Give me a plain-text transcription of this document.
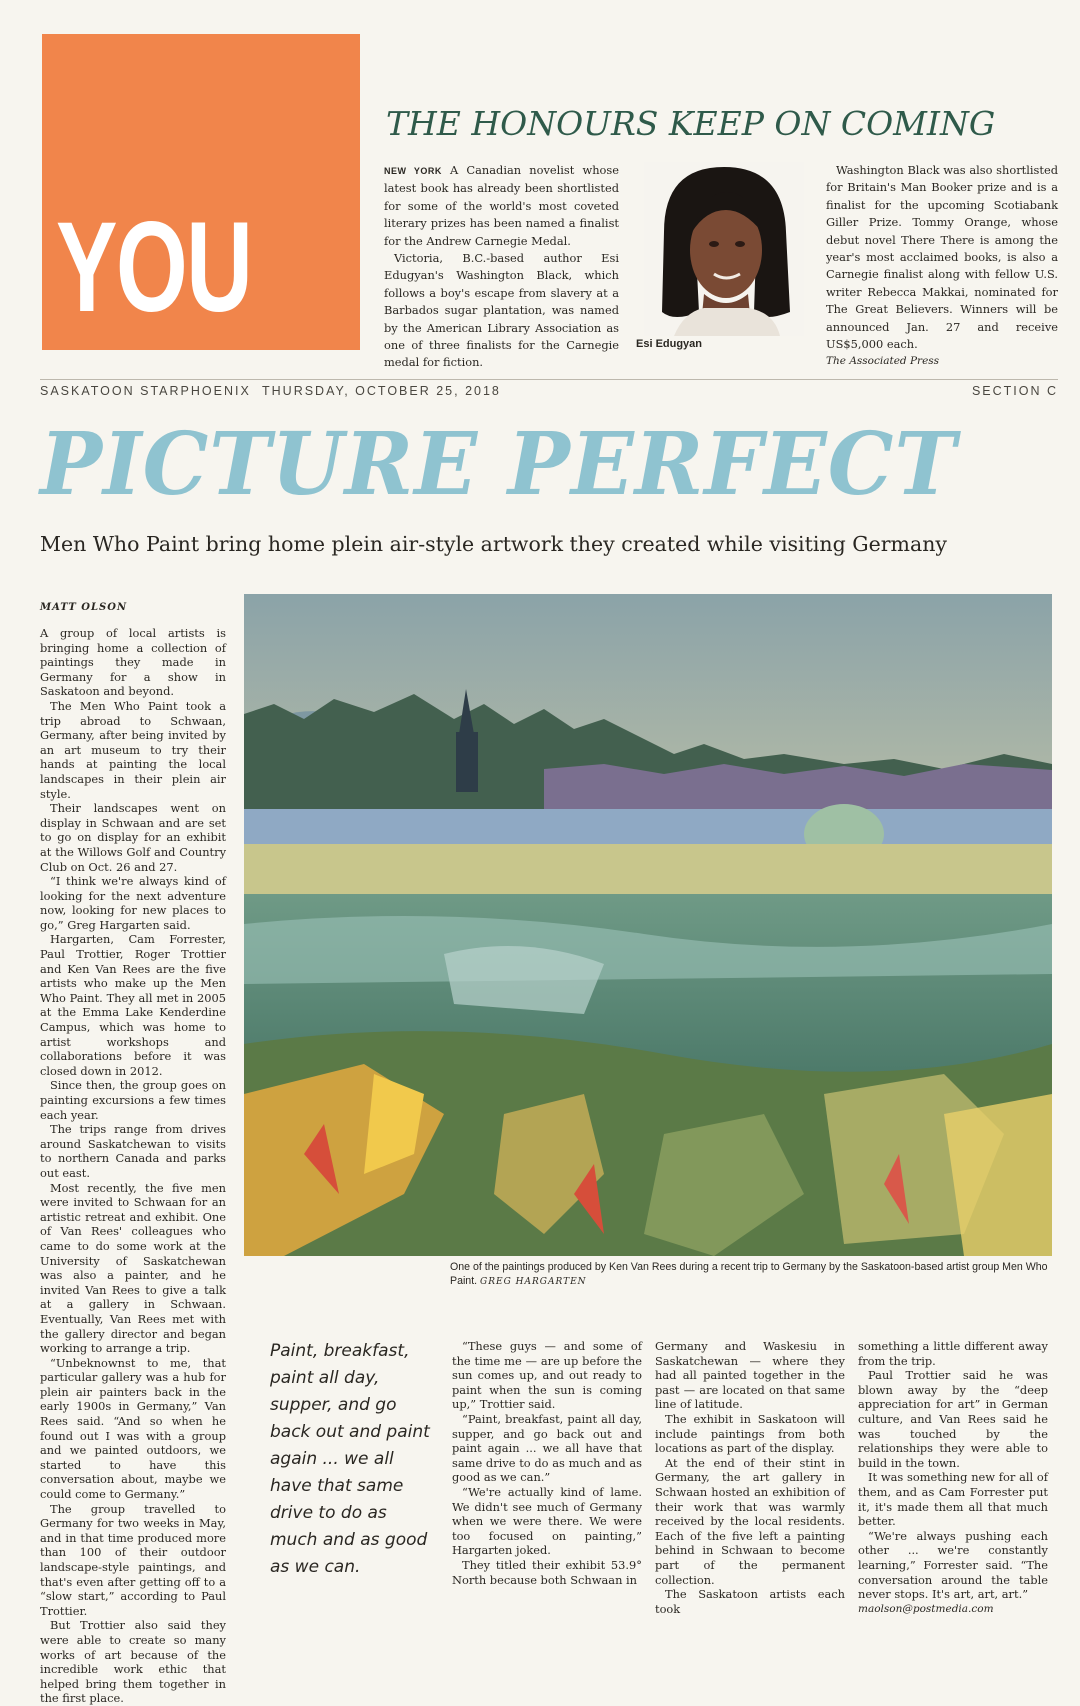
YOU
THE HONOURS KEEP ON COMING
NEW YORK A Canadian novelist whose latest book has already been shortlisted for some of the world's most coveted literary prizes has been named a finalist for the Andrew Carnegie Medal.
Victoria, B.C.-based author Esi Edugyan's Washington Black, which follows a boy's escape from slavery at a Barbados sugar plantation, was named by the American Library Association as one of three finalists for the Carnegie medal for fiction.
Esi Edugyan
Washington Black was also shortlisted for Britain's Man Booker prize and is a finalist for the upcoming Scotiabank Giller Prize. Tommy Orange, whose debut novel There There is among the year's most acclaimed books, is also a Carnegie finalist along with fellow U.S. writer Rebecca Makkai, nominated for The Great Believers. Winners will be announced Jan. 27 and receive US$5,000 each.
The Associated Press
SASKATOON STARPHOENIX THURSDAY, OCTOBER 25, 2018	SECTION C
PICTURE PERFECT
Men Who Paint bring home plein air-style artwork they created while visiting Germany
MATT OLSON

A group of local artists is bringing home a collection of paintings they made in Germany for a show in Saskatoon and beyond.

The Men Who Paint took a trip abroad to Schwaan, Germany, after being invited by an art museum to try their hands at painting the local landscapes in their plein air style.

Their landscapes went on display in Schwaan and are set to go on display for an exhibit at the Willows Golf and Country Club on Oct. 26 and 27.

“I think we're always kind of looking for the next adventure now, looking for new places to go,” Greg Hargarten said.

Hargarten, Cam Forrester, Paul Trottier, Roger Trottier and Ken Van Rees are the five artists who make up the Men Who Paint. They all met in 2005 at the Emma Lake Kenderdine Campus, which was home to artist workshops and collaborations before it was closed down in 2012.

Since then, the group goes on painting excursions a few times each year.

The trips range from drives around Saskatchewan to visits to northern Canada and parks out east.

Most recently, the five men were invited to Schwaan for an artistic retreat and exhibit. One of Van Rees' colleagues who came to do some work at the University of Saskatchewan was also a painter, and he invited Van Rees to give a talk at a gallery in Schwaan. Eventually, Van Rees met with the gallery director and began working to arrange a trip.

“Unbeknownst to me, that particular gallery was a hub for plein air painters back in the early 1900s in Germany,” Van Rees said. “And so when he found out I was with a group and we painted outdoors, we started to have this conversation about, maybe we could come to Germany.”

The group travelled to Germany for two weeks in May, and in that time produced more than 100 of their outdoor landscape-style paintings, and that's even after getting off to a “slow start,” according to Paul Trottier.

But Trottier also said they were able to create so many works of art because of the incredible work ethic that helped bring them together in the first place.

One of the paintings produced by Ken Van Rees during a recent trip to Germany by the Saskatoon-based artist group Men Who Paint. GREG HARGARTEN
Paint, breakfast, paint all day, supper, and go back out and paint again ... we all have that same drive to do as much and as good as we can.

“These guys — and some of the time me — are up before the sun comes up, and out ready to paint when the sun is coming up,” Trottier said.

“Paint, breakfast, paint all day, supper, and go back out and paint again ... we all have that same drive to do as much and as good as we can.”

“We're actually kind of lame. We didn't see much of Germany when we were there. We were too focused on painting,” Hargarten joked.

They titled their exhibit 53.9° North because both Schwaan in

Germany and Waskesiu in Saskatchewan — where they had all painted together in the past — are located on that same line of latitude.

The exhibit in Saskatoon will include paintings from both locations as part of the display.

At the end of their stint in Germany, the art gallery in Schwaan hosted an exhibition of their work that was warmly received by the local residents. Each of the five left a painting behind in Schwaan to become part of the permanent collection.

The Saskatoon artists each took

something a little different away from the trip.

Paul Trottier said he was blown away by the “deep appreciation for art” in German culture, and Van Rees said he was touched by the relationships they were able to build in the town.

It was something new for all of them, and as Cam Forrester put it, it's made them all that much better.

“We're always pushing each other ... we're constantly learning,” Forrester said. “The conversation around the table never stops. It's art, art, art.”

maolson@postmedia.com
